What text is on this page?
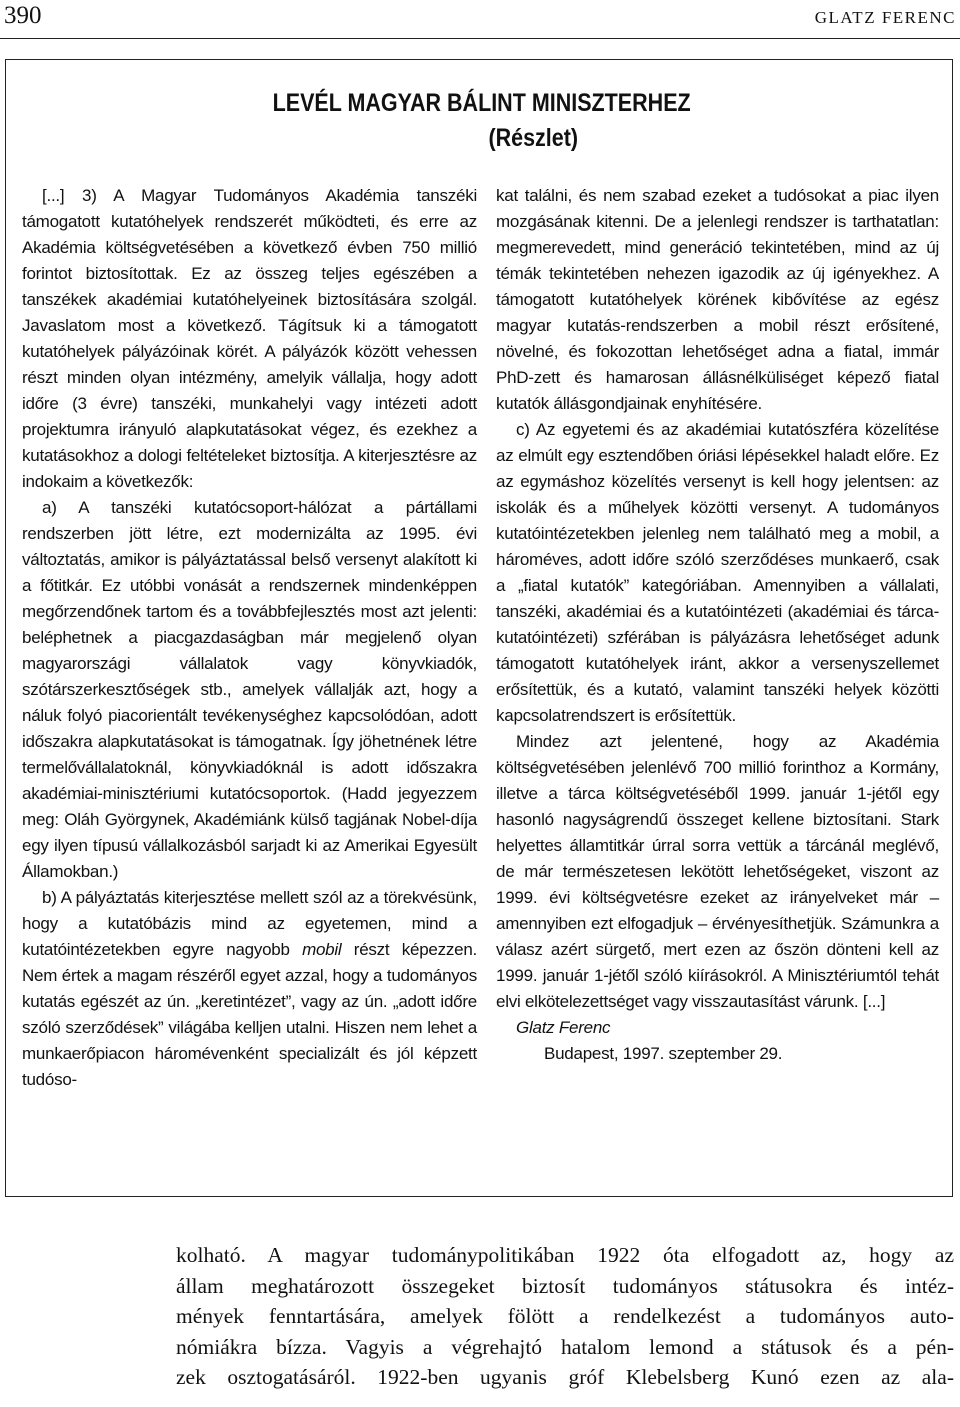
390	GLATZ FERENC
LEVÉL MAGYAR BÁLINT MINISZTERHEZ
(Részlet)

[...] 3) A Magyar Tudományos Akadémia tanszéki támogatott kutatóhelyek rendszerét működteti, és erre az Akadémia költségvetésében a következő évben 750 millió forintot biztosítottak. Ez az összeg teljes egészében a tanszékek akadémiai kutatóhelyeinek biztosítására szolgál. Javaslatom most a következő. Tágítsuk ki a támogatott kutatóhelyek pályázóinak körét. A pályázók között vehessen részt minden olyan intézmény, amelyik vállalja, hogy adott időre (3 évre) tanszéki, munkahelyi vagy intézeti adott projektumra irányuló alapkutatásokat végez, és ezekhez a kutatásokhoz a dologi feltételeket biztosítja. A kiterjesztésre az indokaim a következők:

a) A tanszéki kutatócsoport-hálózat a pártállami rendszerben jött létre, ezt modernizálta az 1995. évi változtatás, amikor is pályáztatással belső versenyt alakított ki a főtitkár. Ez utóbbi vonását a rendszernek mindenképpen megőrzendőnek tartom és a továbbfejlesztés most azt jelenti: beléphetnek a piacgazdaságban már megjelenő olyan magyarországi vállalatok vagy könyvkiadók, szótárszerkesztőségek stb., amelyek vállalják azt, hogy a náluk folyó piacorientált tevékenységhez kapcsolódóan, adott időszakra alapkutatásokat is támogatnak. Így jöhetnének létre termelővállalatoknál, könyvkiadóknál is adott időszakra akadémiai-minisztériumi kutatócsoportok. (Hadd jegyezzem meg: Oláh Györgynek, Akadémiánk külső tagjának Nobel-díja egy ilyen típusú vállalkozásból sarjadt ki az Amerikai Egyesült Államokban.)

b) A pályáztatás kiterjesztése mellett szól az a törekvésünk, hogy a kutatóbázis mind az egyetemen, mind a kutatóintézetekben egyre nagyobb mobil részt képezzen. Nem értek a magam részéről egyet azzal, hogy a tudományos kutatás egészét az ún. „keretintézet”, vagy az ún. „adott időre szóló szerződések” világába kelljen utalni. Hiszen nem lehet a munkaerőpiacon háromévenként specializált és jól képzett tudóso-

kat találni, és nem szabad ezeket a tudósokat a piac ilyen mozgásának kitenni. De a jelenlegi rendszer is tarthatatlan: megmerevedett, mind generáció tekintetében, mind az új témák tekintetében nehezen igazodik az új igényekhez. A támogatott kutatóhelyek körének kibővítése az egész magyar kutatás-rendszerben a mobil részt erősítené, növelné, és fokozottan lehetőséget adna a fiatal, immár PhD-zett és hamarosan állásnélküliséget képező fiatal kutatók állásgondjainak enyhítésére.

c) Az egyetemi és az akadémiai kutatószféra közelítése az elmúlt egy esztendőben óriási lépésekkel haladt előre. Ez az egymáshoz közelítés versenyt is kell hogy jelentsen: az iskolák és a műhelyek közötti versenyt. A tudományos kutatóintézetekben jelenleg nem található meg a mobil, a hároméves, adott időre szóló szerződéses munkaerő, csak a „fiatal kutatók” kategóriában. Amennyiben a vállalati, tanszéki, akadémiai és a kutatóintézeti (akadémiai és tárca-kutatóintézeti) szférában is pályázásra lehetőséget adunk támogatott kutatóhelyek iránt, akkor a versenyszellemet erősítettük, és a kutató, valamint tanszéki helyek közötti kapcsolatrendszert is erősítettük.

Mindez azt jelentené, hogy az Akadémia költségvetésében jelenlévő 700 millió forinthoz a Kormány, illetve a tárca költségvetéséből 1999. január 1-jétől egy hasonló nagyságrendű összeget kellene biztosítani. Stark helyettes államtitkár úrral sorra vettük a tárcánál meglévő, de már természetesen lekötött lehetőségeket, viszont az 1999. évi költségvetésre ezeket az irányelveket már – amennyiben ezt elfogadjuk – érvényesíthetjük. Számunkra a válasz azért sürgető, mert ezen az őszön dönteni kell az 1999. január 1-jétől szóló kiírásokról. A Minisztériumtól tehát elvi elkötelezettséget vagy visszautasítást várunk. [...]

Glatz Ferenc

Budapest, 1997. szeptember 29.

kolható. A magyar tudománypolitikában 1922 óta elfogadott az, hogy az
állam meghatározott összegeket biztosít tudományos státusokra és intéz-
mények fenntartására, amelyek fölött a rendelkezést a tudományos auto-
nómiákra bízza. Vagyis a végrehajtó hatalom lemond a státusok és a pén-
zek osztogatásáról. 1922-ben ugyanis gróf Klebelsberg Kunó ezen az ala-
